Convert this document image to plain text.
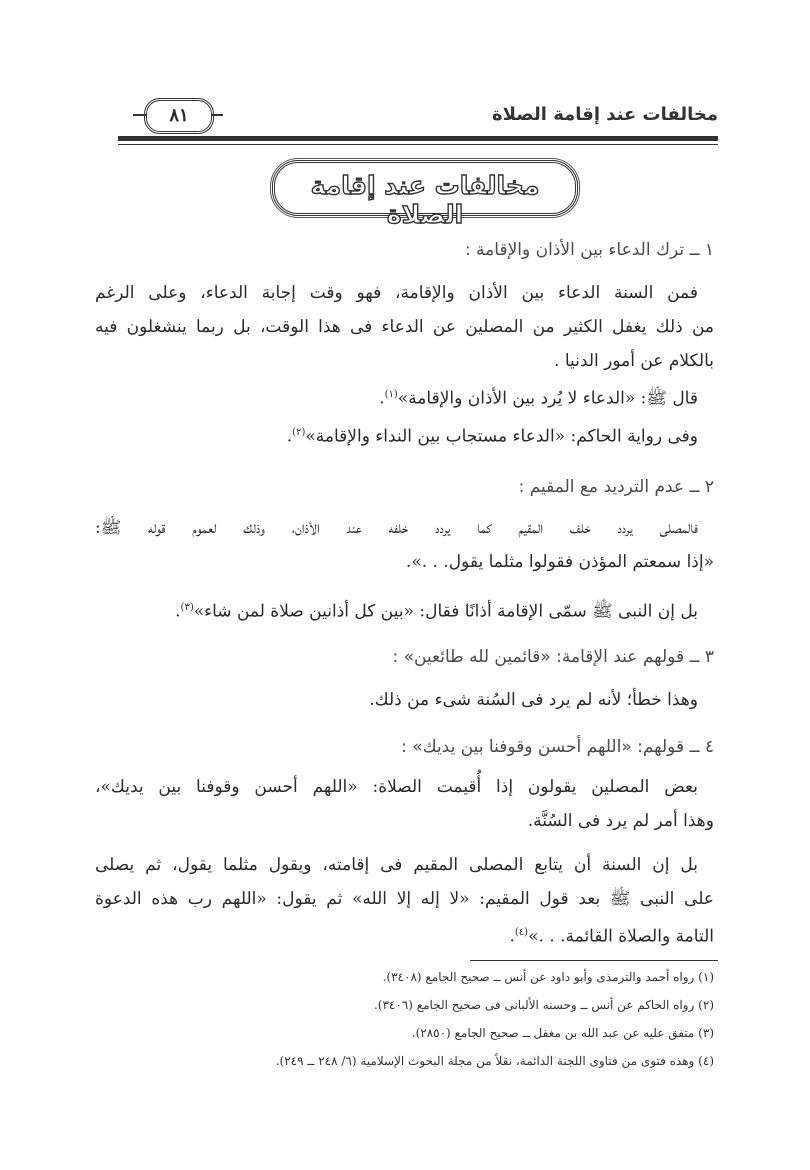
مخالفات عند إقامة الصلاة
٨١
مخالفات عند إقامة الصلاة
١ ــ ترك الدعاء بين الأذان والإقامة :
فمن السنة الدعاء بين الأذان والإقامة، فهو وقت إجابة الدعاء، وعلى الرغم
من ذلك يغفل الكثير من المصلين عن الدعاء فى هذا الوقت، بل ربما ينشغلون فيه
بالكلام عن أمور الدنيا .
قال ﷺ: «الدعاء لا يُرد بين الأذان والإقامة»$^{(١)}$.
وفى رواية الحاكم: «الدعاء مستجاب بين النداء والإقامة»$^{(٢)}$.
٢ ــ عدم الترديد مع المقيم :
فالمصلى يردد خلف المقيم كما يردد خلفه عند الأذان، وذلك لعموم قوله ﷺ:
«إذا سمعتم المؤذن فقولوا مثلما يقول. . .».
بل إن النبى ﷺ سمّى الإقامة أذانًا فقال: «بين كل أذانين صلاة لمن شاء»$^{(٣)}$.
٣ ــ قولهم عند الإقامة: «قائمين لله طائعين» :
وهذا خطأ؛ لأنه لم يرد فى السُنة شىء من ذلك.
٤ ــ قولهم: «اللهم أحسن وقوفنا بين يديك» :
بعض المصلين يقولون إذا أُقيمت الصلاة: «اللهم أحسن وقوفنا بين يديك»،
وهذا أمر لم يرد فى السُنَّة.
بل إن السنة أن يتابع المصلى المقيم فى إقامته، ويقول مثلما يقول، ثم يصلى
على النبى ﷺ بعد قول المقيم: «لا إله إلا الله» ثم يقول: «اللهم رب هذه الدعوة
التامة والصلاة القائمة. . .»$^{(٤)}$.
(١) رواه أحمد والترمذى وأبو داود عن أنس ــ صحيح الجامع (٣٤٠٨).
(٢) رواه الحاكم عن أنس ــ وحسنه الألبانى فى صحيح الجامع (٣٤٠٦).
(٣) متفق عليه عن عبد الله بن مغفل ــ صحيح الجامع (٢٨٥٠).
(٤) وهذه فتوى من فتاوى اللجنة الدائمة، نقلاً من مجلة البحوث الإسلامية (٦/ ٢٤٨ ــ ٢٤٩).
